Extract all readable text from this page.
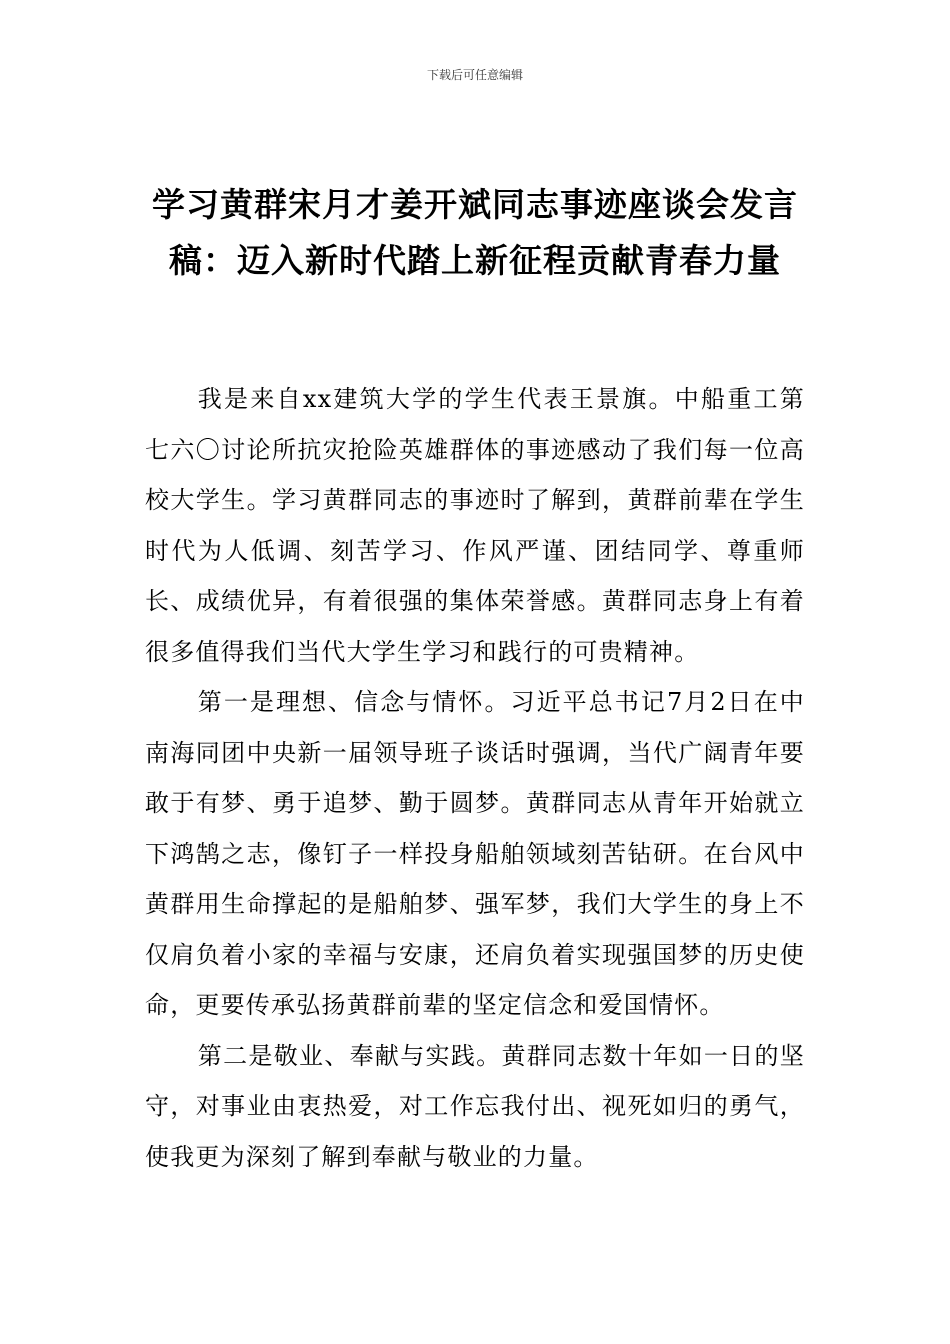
下载后可任意编辑
学习黄群宋月才姜开斌同志事迹座谈会发言稿：迈入新时代踏上新征程贡献青春力量

我是来自xx建筑大学的学生代表王景旗。中船重工第七六〇讨论所抗灾抢险英雄群体的事迹感动了我们每一位高校大学生。学习黄群同志的事迹时了解到，黄群前辈在学生时代为人低调、刻苦学习、作风严谨、团结同学、尊重师长、成绩优异，有着很强的集体荣誉感。黄群同志身上有着很多值得我们当代大学生学习和践行的可贵精神。

第一是理想、信念与情怀。习近平总书记7月2日在中南海同团中央新一届领导班子谈话时强调，当代广阔青年要敢于有梦、勇于追梦、勤于圆梦。黄群同志从青年开始就立下鸿鹄之志，像钉子一样投身船舶领域刻苦钻研。在台风中黄群用生命撑起的是船舶梦、强军梦，我们大学生的身上不仅肩负着小家的幸福与安康，还肩负着实现强国梦的历史使命，更要传承弘扬黄群前辈的坚定信念和爱国情怀。

第二是敬业、奉献与实践。黄群同志数十年如一日的坚守，对事业由衷热爱，对工作忘我付出、视死如归的勇气，使我更为深刻了解到奉献与敬业的力量。
